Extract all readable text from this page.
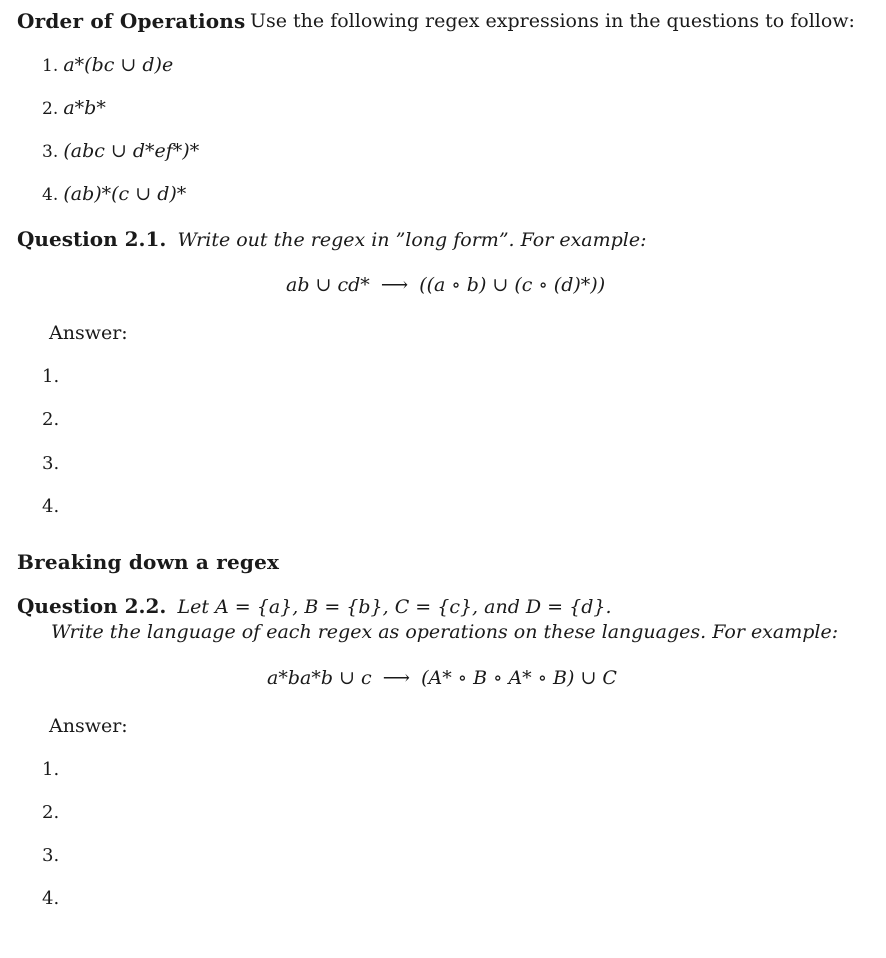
Order of Operations Use the following regex expressions in the questions to follow:
1. a*(bc ∪ d)e
2. a*b*
3. (abc ∪ d*ef*)*
4. (ab)*(c ∪ d)*
Question 2.1. Write out the regex in ”long form”. For example:
ab ∪ cd* ⟶ ((a ∘ b) ∪ (c ∘ (d)*))
Answer:
1.
2.
3.
4.
Breaking down a regex
Question 2.2. Let A = {a}, B = {b}, C = {c}, and D = {d}.
Write the language of each regex as operations on these languages. For example:
a*ba*b ∪ c ⟶ (A* ∘ B ∘ A* ∘ B) ∪ C
Answer:
1.
2.
3.
4.
